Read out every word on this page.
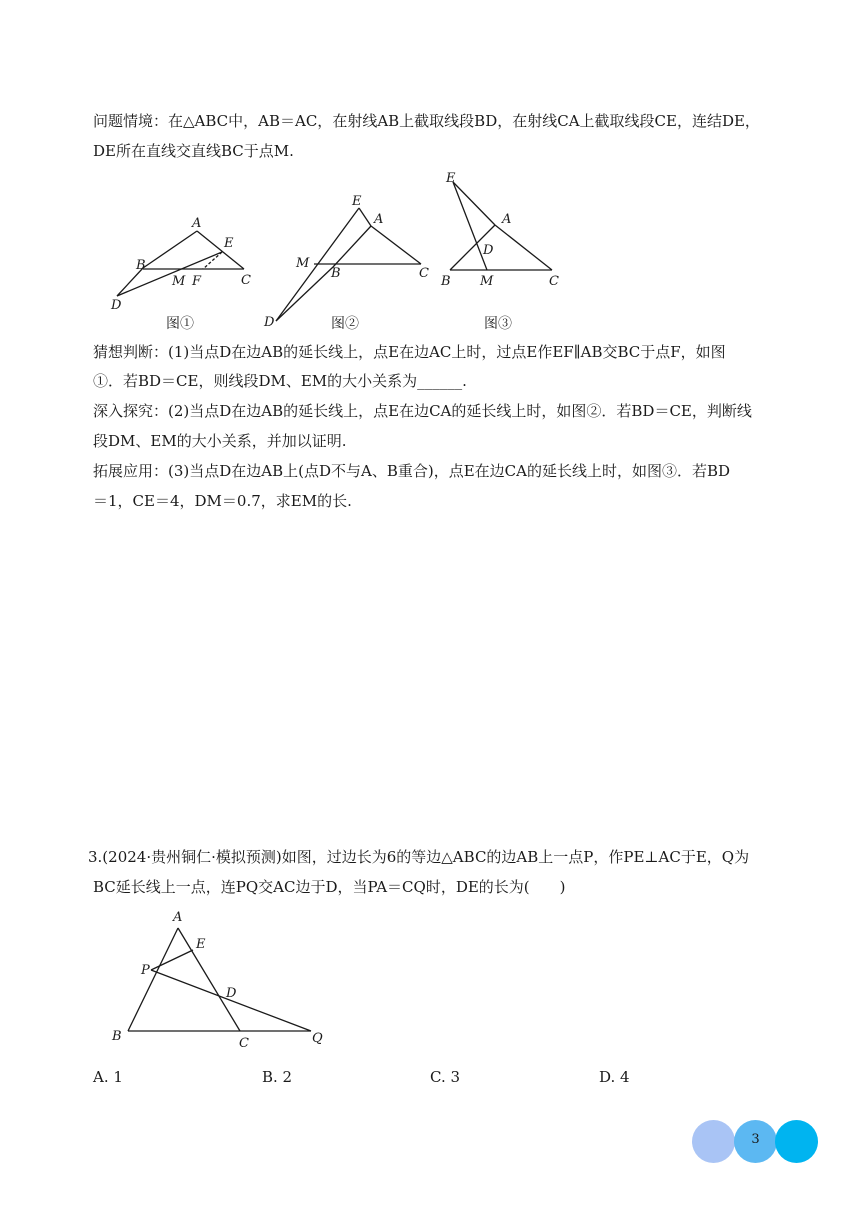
问题情境：在△ABC中，AB＝AC，在射线AB上截取线段BD，在射线CA上截取线段CE，连结DE，
DE所在直线交直线BC于点M.
A
B
C
D
E
M F
图①
A
B	C
D
E
M
图②
A
B	C
D
E
M
图③
猜想判断：(1)当点D在边AB的延长线上，点E在边AC上时，过点E作EF∥AB交BC于点F，如图
①．若BD＝CE，则线段DM、EM的大小关系为______.
深入探究：(2)当点D在边AB的延长线上，点E在边CA的延长线上时，如图②．若BD＝CE，判断线
段DM、EM的大小关系，并加以证明.
拓展应用：(3)当点D在边AB上(点D不与A、B重合)，点E在边CA的延长线上时，如图③．若BD
＝1，CE＝4，DM＝0.7，求EM的长.
3.(2024·贵州铜仁·模拟预测)如图，过边长为6的等边△ABC的边AB上一点P，作PE⊥AC于E，Q为
BC延长线上一点，连PQ交AC边于D，当PA＝CQ时，DE的长为(　　)
A
B	C
D
E
P
Q
A. 1	B. 2	C. 3	D. 4
3
